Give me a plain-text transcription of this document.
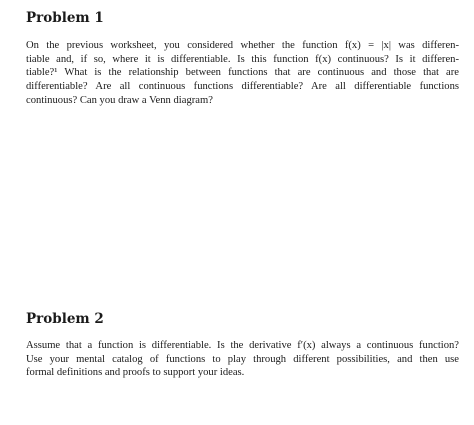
Problem 1
On the previous worksheet, you considered whether the function f(x) = |x| was differen-
tiable and, if so, where it is differentiable. Is this function f(x) continuous? Is it differen-
tiable?¹ What is the relationship between functions that are continuous and those that are
differentiable? Are all continuous functions differentiable? Are all differentiable functions
continuous? Can you draw a Venn diagram?
Problem 2
Assume that a function is differentiable. Is the derivative f′(x) always a continuous function?
Use your mental catalog of functions to play through different possibilities, and then use
formal definitions and proofs to support your ideas.
